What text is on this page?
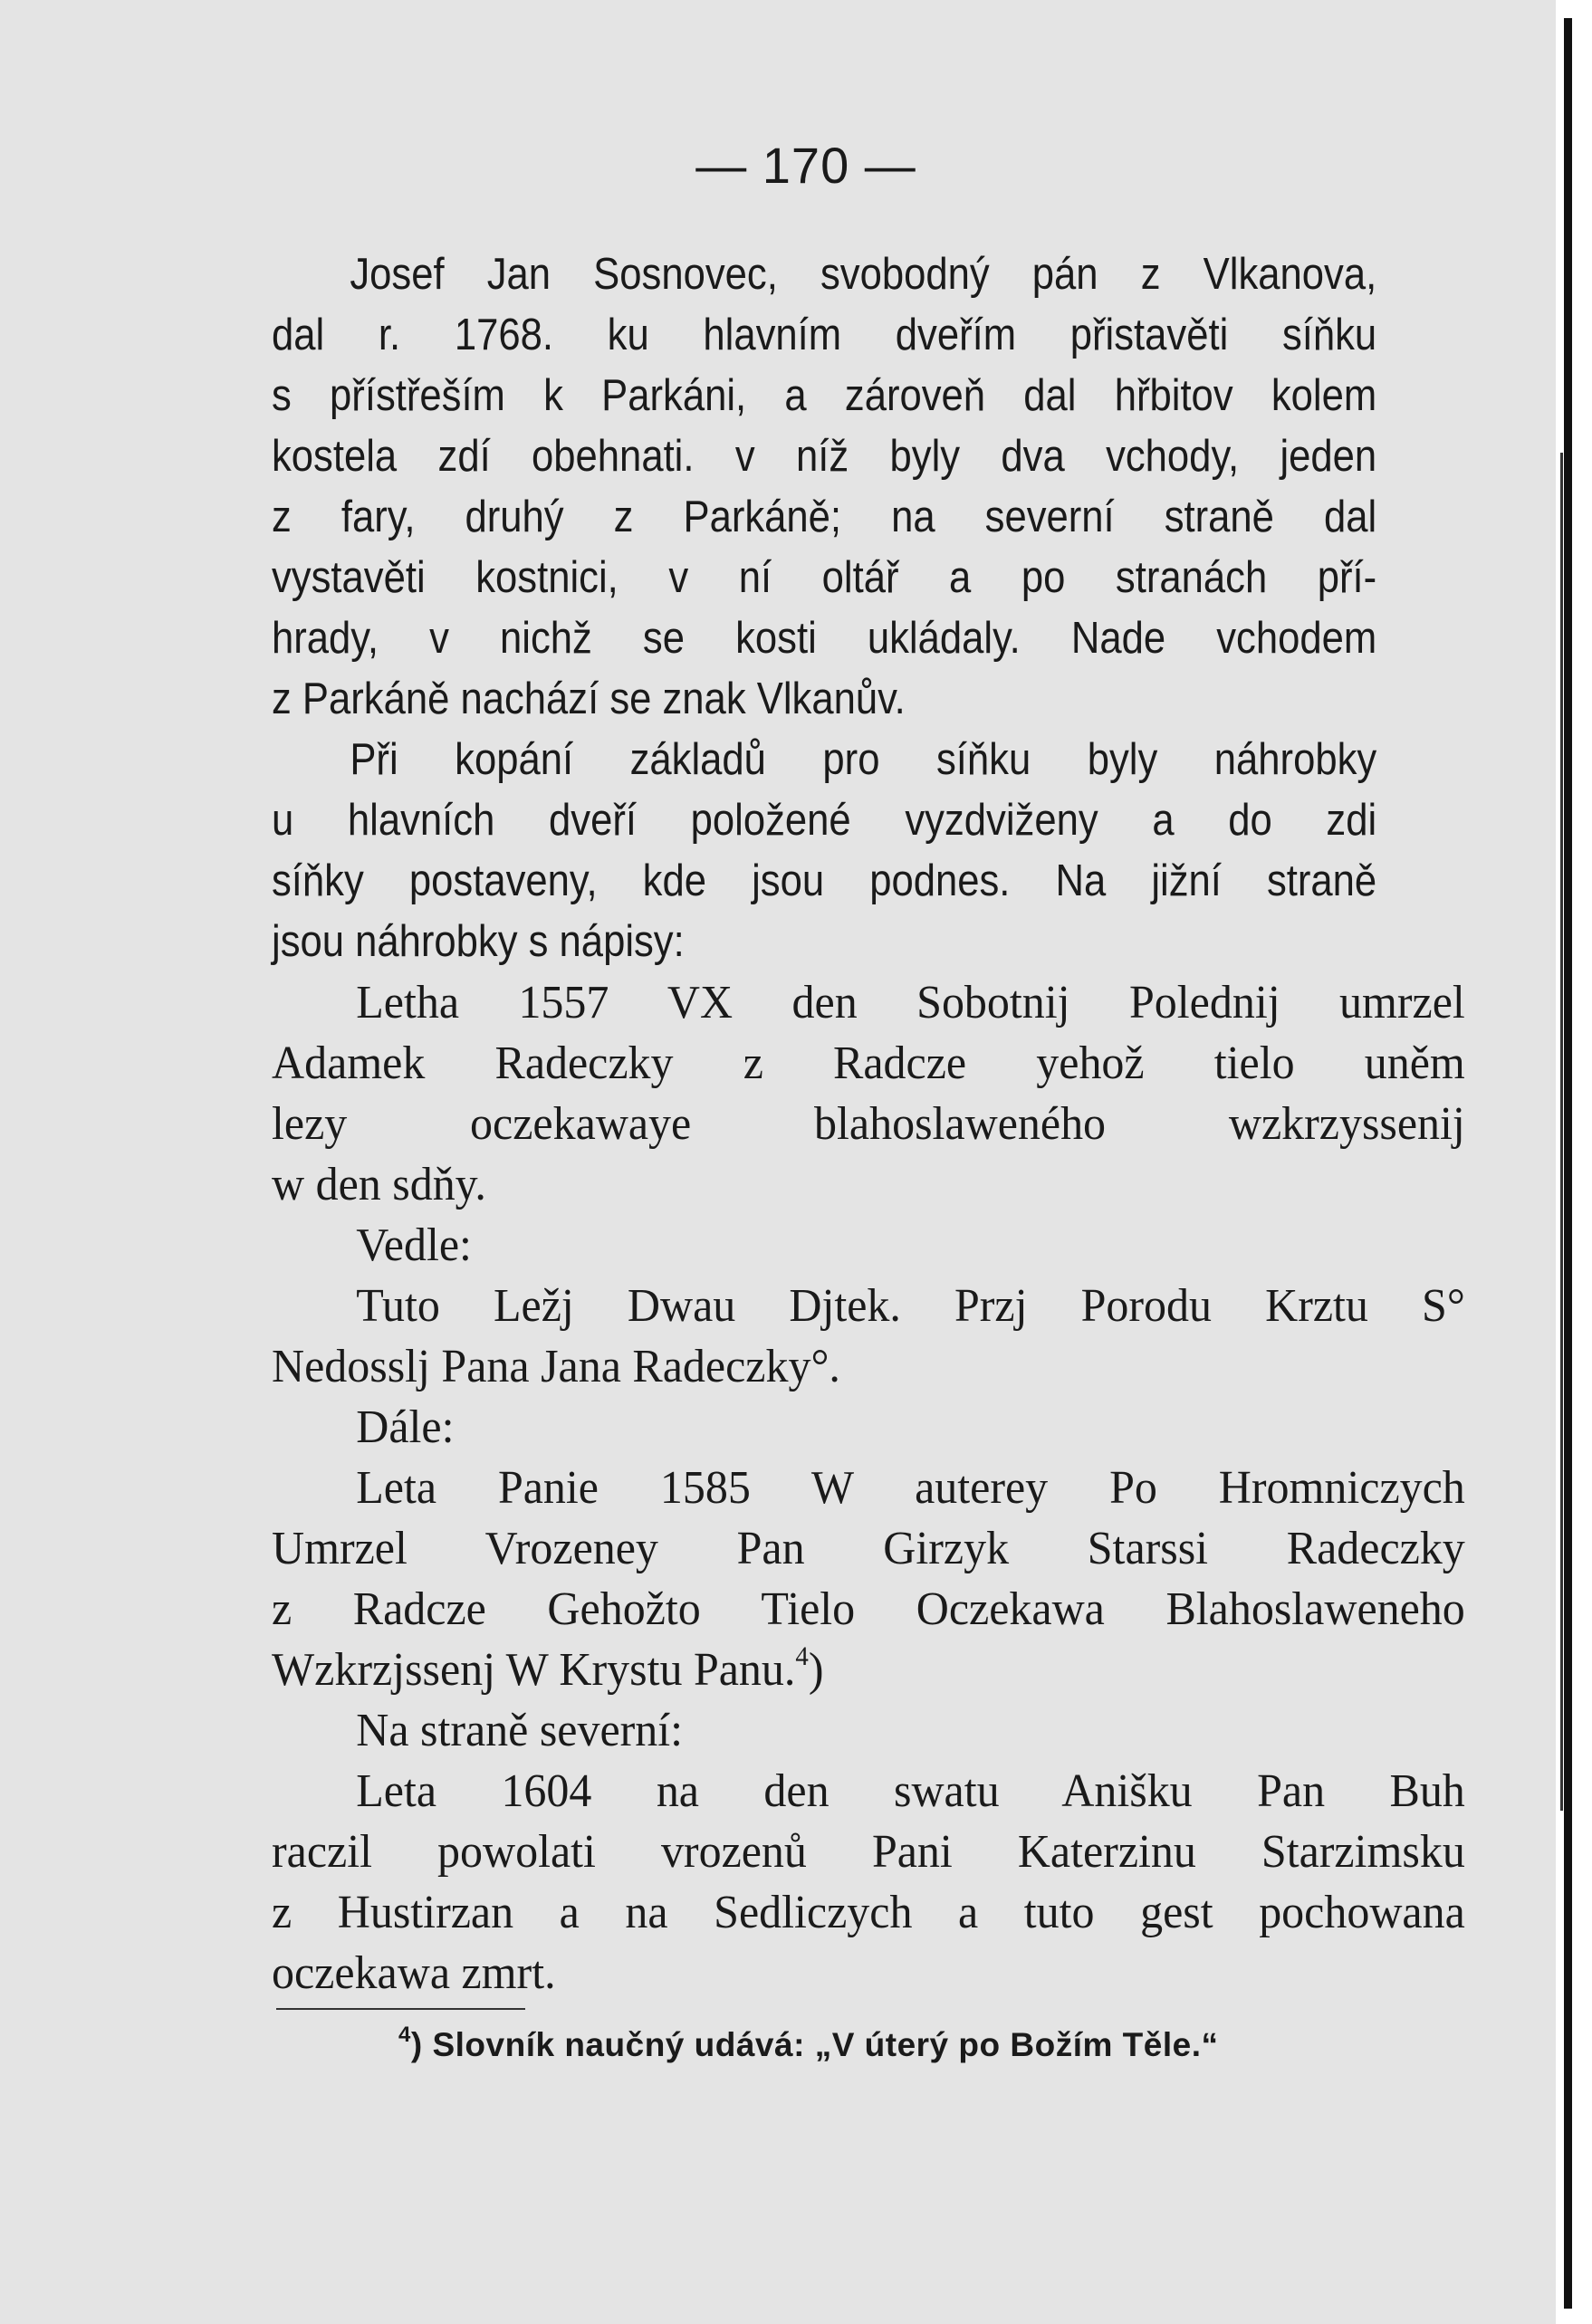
— 170 —
Josef Jan Sosnovec, svobodný pán z Vlkanova,
dal r. 1768. ku hlavním dveřím přistavěti síňku
s přístřeším k Parkáni, a zároveň dal hřbitov kolem
kostela zdí obehnati. v níž byly dva vchody, jeden
z fary, druhý z Parkáně; na severní straně dal
vystavěti kostnici, v ní oltář a po stranách pří-
hrady, v nichž se kosti ukládaly. Nade vchodem
z Parkáně nachází se znak Vlkanův.
Při kopání základů pro síňku byly náhrobky
u hlavních dveří položené vyzdviženy a do zdi
síňky postaveny, kde jsou podnes. Na jižní straně
jsou náhrobky s nápisy:
Letha 1557 VX den Sobotnij Polednij umrzel
Adamek Radeczky z Radcze yehož tielo uněm
lezy oczekawaye blahoslaweného wzkrzyssenij
w den sdňy.
Vedle:
Tuto Ležj Dwau Djtek. Przj Porodu Krztu S°
Nedosslj Pana Jana Radeczky°.
Dále:
Leta Panie 1585 W auterey Po Hromniczych
Umrzel Vrozeney Pan Girzyk Starssi Radeczky
z Radcze Gehožto Tielo Oczekawa Blahoslaweneho
Wzkrzjssenj W Krystu Panu.$^4$)
Na straně severní:
Leta 1604 na den swatu Anišku Pan Buh
raczil powolati vrozenů Pani Katerzinu Starzimsku
z Hustirzan a na Sedliczych a tuto gest pochowana
oczekawa zmrt.
$^4$) Slovník naučný udává: „V úterý po Božím Těle.“
